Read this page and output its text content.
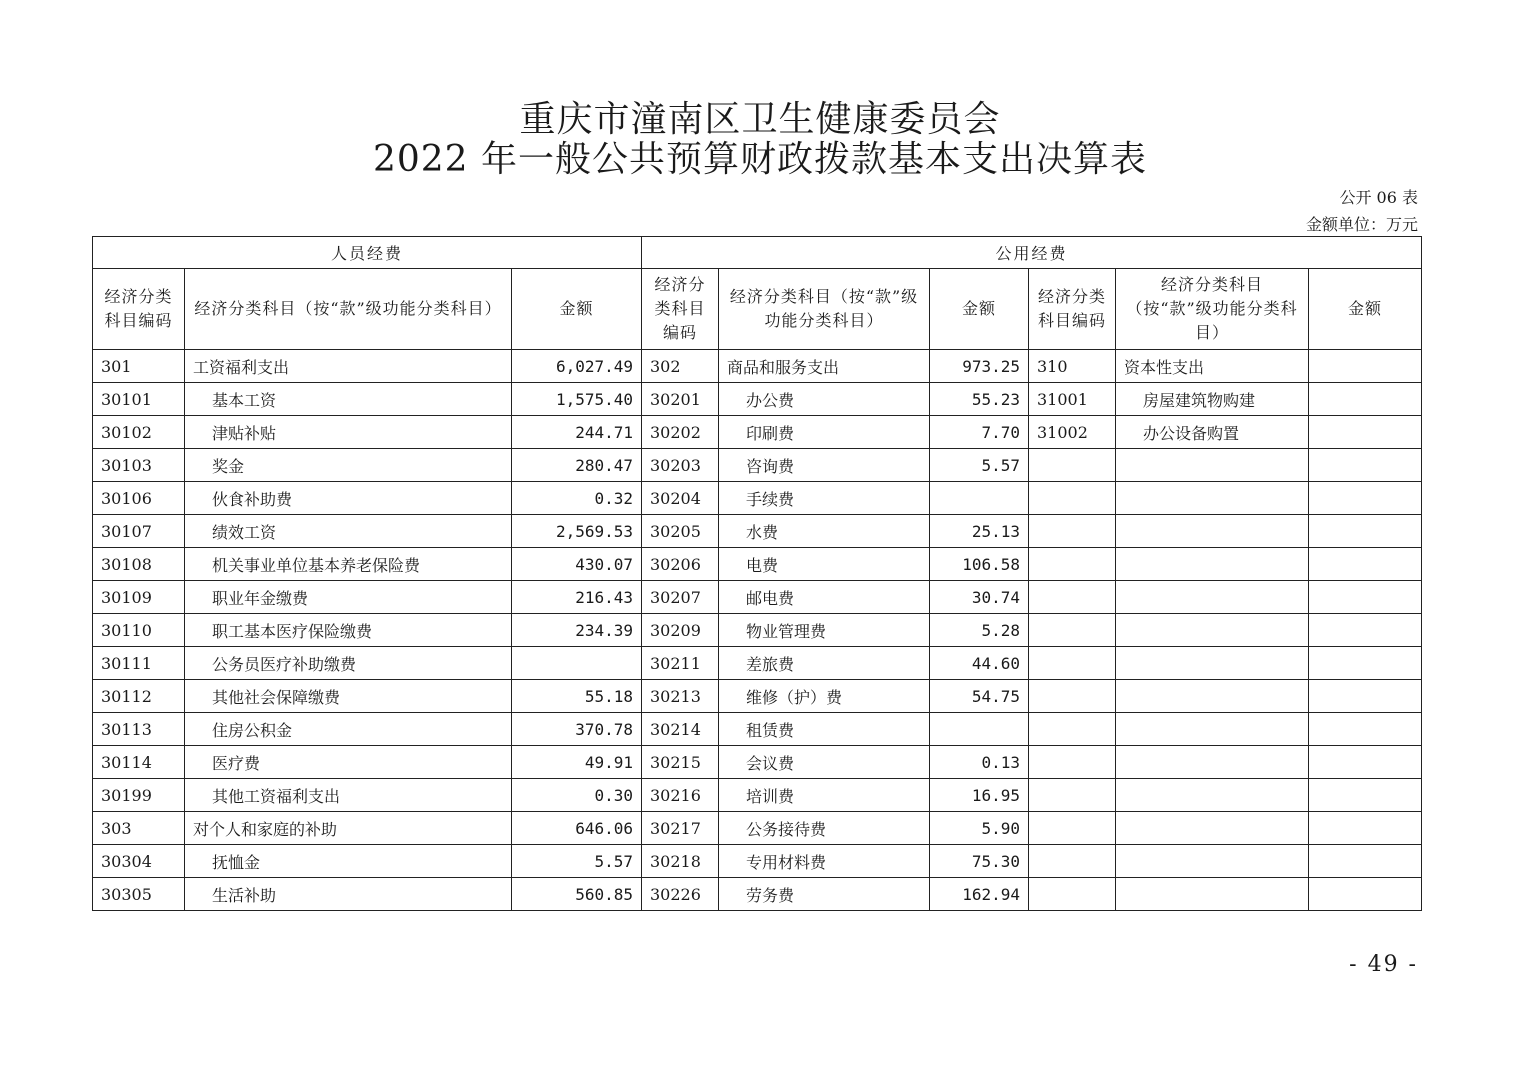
重庆市潼南区卫生健康委员会
2022 年一般公共预算财政拨款基本支出决算表
公开 06 表
金额单位：万元
人员经费			公用经费					
经济分类科目编码	经济分类科目（按“款”级功能分类科目）	金额	经济分类科目编码	经济分类科目（按“款”级功能分类科目）	金额	经济分类科目编码	经济分类科目（按“款”级功能分类科目）	金额
301	工资福利支出	6,027.49	302	商品和服务支出	973.25	310	资本性支出	
30101	基本工资	1,575.40	30201	办公费	55.23	31001	房屋建筑物购建	
30102	津贴补贴	244.71	30202	印刷费	7.70	31002	办公设备购置	
30103	奖金	280.47	30203	咨询费	5.57			
30106	伙食补助费	0.32	30204	手续费				
30107	绩效工资	2,569.53	30205	水费	25.13			
30108	机关事业单位基本养老保险费	430.07	30206	电费	106.58			
30109	职业年金缴费	216.43	30207	邮电费	30.74			
30110	职工基本医疗保险缴费	234.39	30209	物业管理费	5.28			
30111	公务员医疗补助缴费		30211	差旅费	44.60			
30112	其他社会保障缴费	55.18	30213	维修（护）费	54.75			
30113	住房公积金	370.78	30214	租赁费				
30114	医疗费	49.91	30215	会议费	0.13			
30199	其他工资福利支出	0.30	30216	培训费	16.95			
303	对个人和家庭的补助	646.06	30217	公务接待费	5.90			
30304	抚恤金	5.57	30218	专用材料费	75.30			
30305	生活补助	560.85	30226	劳务费	162.94			
- 49 -
